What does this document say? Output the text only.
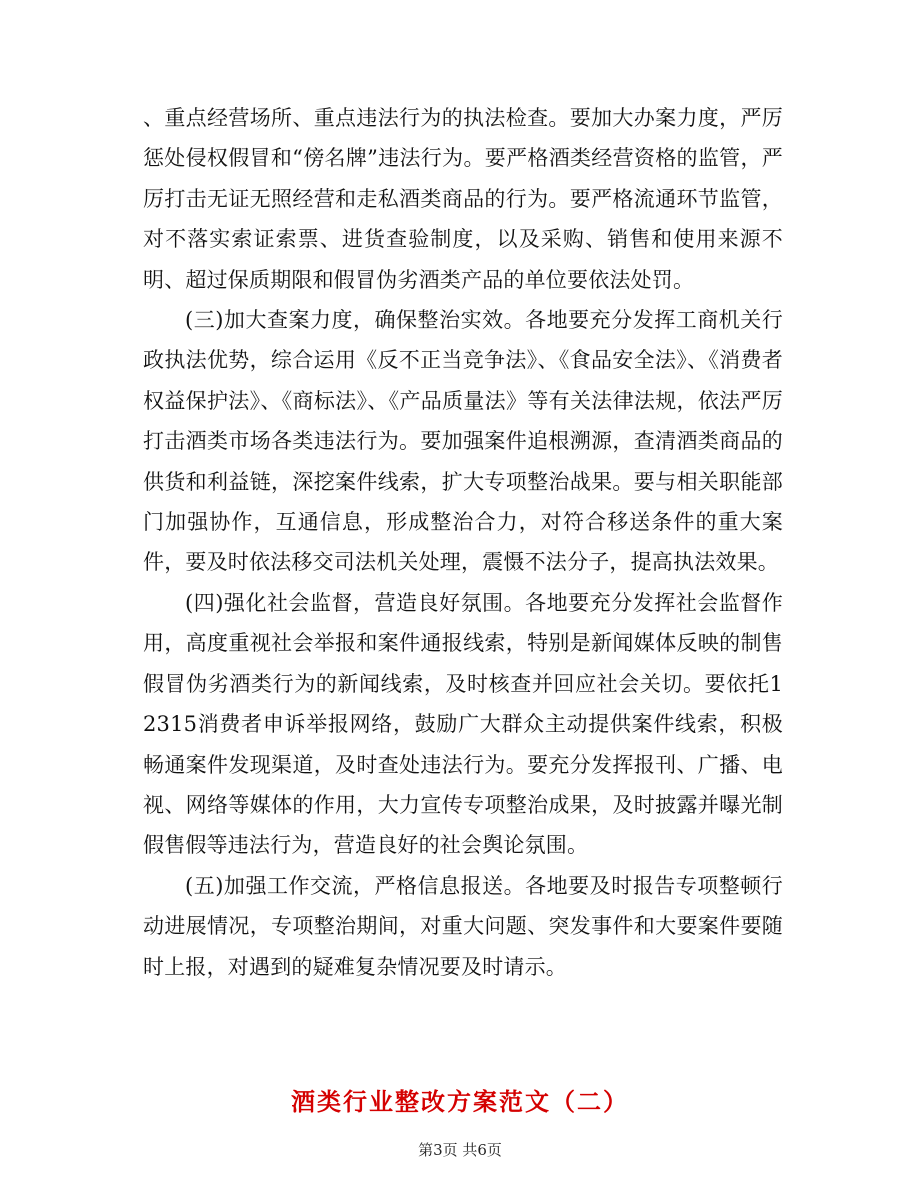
、重点经营场所、重点违法行为的执法检查。要加大办案力度，严厉惩处侵权假冒和“傍名牌”违法行为。要严格酒类经营资格的监管，严厉打击无证无照经营和走私酒类商品的行为。要严格流通环节监管，对不落实索证索票、进货查验制度，以及采购、销售和使用来源不明、超过保质期限和假冒伪劣酒类产品的单位要依法处罚。

(三)加大查案力度，确保整治实效。各地要充分发挥工商机关行政执法优势，综合运用《反不正当竞争法》、《食品安全法》、《消费者权益保护法》、《商标法》、《产品质量法》等有关法律法规，依法严厉打击酒类市场各类违法行为。要加强案件追根溯源，查清酒类商品的供货和利益链，深挖案件线索，扩大专项整治战果。要与相关职能部门加强协作，互通信息，形成整治合力，对符合移送条件的重大案件，要及时依法移交司法机关处理，震慑不法分子，提高执法效果。

(四)强化社会监督，营造良好氛围。各地要充分发挥社会监督作用，高度重视社会举报和案件通报线索，特别是新闻媒体反映的制售假冒伪劣酒类行为的新闻线索，及时核查并回应社会关切。要依托12315消费者申诉举报网络，鼓励广大群众主动提供案件线索，积极畅通案件发现渠道，及时查处违法行为。要充分发挥报刊、广播、电视、网络等媒体的作用，大力宣传专项整治成果，及时披露并曝光制假售假等违法行为，营造良好的社会舆论氛围。

(五)加强工作交流，严格信息报送。各地要及时报告专项整顿行动进展情况，专项整治期间，对重大问题、突发事件和大要案件要随时上报，对遇到的疑难复杂情况要及时请示。

酒类行业整改方案范文（二）
第3页 共6页
